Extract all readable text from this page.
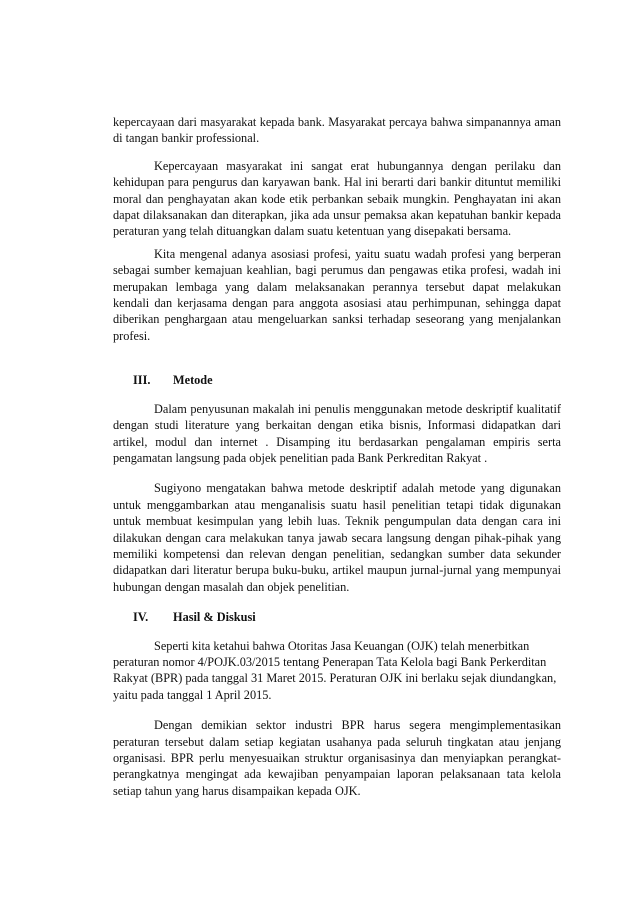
kepercayaan dari masyarakat kepada bank. Masyarakat percaya bahwa simpanannya aman di tangan bankir professional.

Kepercayaan masyarakat ini sangat erat hubungannya dengan perilaku dan kehidupan para pengurus dan karyawan bank. Hal ini berarti dari bankir dituntut memiliki moral dan penghayatan akan kode etik perbankan sebaik mungkin. Penghayatan ini akan dapat dilaksanakan dan diterapkan, jika ada unsur pemaksa akan kepatuhan bankir kepada peraturan yang telah dituangkan dalam suatu ketentuan yang disepakati bersama.

Kita mengenal adanya asosiasi profesi, yaitu suatu wadah profesi yang berperan sebagai sumber kemajuan keahlian, bagi perumus dan pengawas etika profesi, wadah ini merupakan lembaga yang dalam melaksanakan perannya tersebut dapat melakukan kendali dan kerjasama dengan para anggota asosiasi atau perhimpunan, sehingga dapat diberikan penghargaan atau mengeluarkan sanksi terhadap seseorang yang menjalankan profesi.

III.	Metode

Dalam penyusunan makalah ini penulis menggunakan metode deskriptif kualitatif dengan studi literature yang berkaitan dengan etika bisnis, Informasi didapatkan dari artikel, modul dan internet . Disamping itu berdasarkan pengalaman empiris serta pengamatan langsung pada objek penelitian pada Bank Perkreditan Rakyat .

Sugiyono mengatakan bahwa metode deskriptif adalah metode yang digunakan untuk menggambarkan atau menganalisis suatu hasil penelitian tetapi tidak digunakan untuk membuat kesimpulan yang lebih luas. Teknik pengumpulan data dengan cara ini dilakukan dengan cara melakukan tanya jawab secara langsung dengan pihak-pihak yang memiliki kompetensi dan relevan dengan penelitian, sedangkan sumber data sekunder didapatkan dari literatur berupa buku-buku, artikel maupun jurnal-jurnal yang mempunyai hubungan dengan masalah dan objek penelitian.

IV.	Hasil & Diskusi

Seperti kita ketahui bahwa Otoritas Jasa Keuangan (OJK) telah menerbitkan peraturan nomor 4/POJK.03/2015 tentang Penerapan Tata Kelola bagi Bank Perkerditan Rakyat (BPR) pada tanggal 31 Maret 2015. Peraturan OJK ini berlaku sejak diundangkan, yaitu pada tanggal 1 April 2015.

Dengan demikian sektor industri BPR harus segera mengimplementasikan peraturan tersebut dalam setiap kegiatan usahanya pada seluruh tingkatan atau jenjang organisasi. BPR perlu menyesuaikan struktur organisasinya dan menyiapkan perangkat-perangkatnya mengingat ada kewajiban penyampaian laporan pelaksanaan tata kelola setiap tahun yang harus disampaikan kepada OJK.
